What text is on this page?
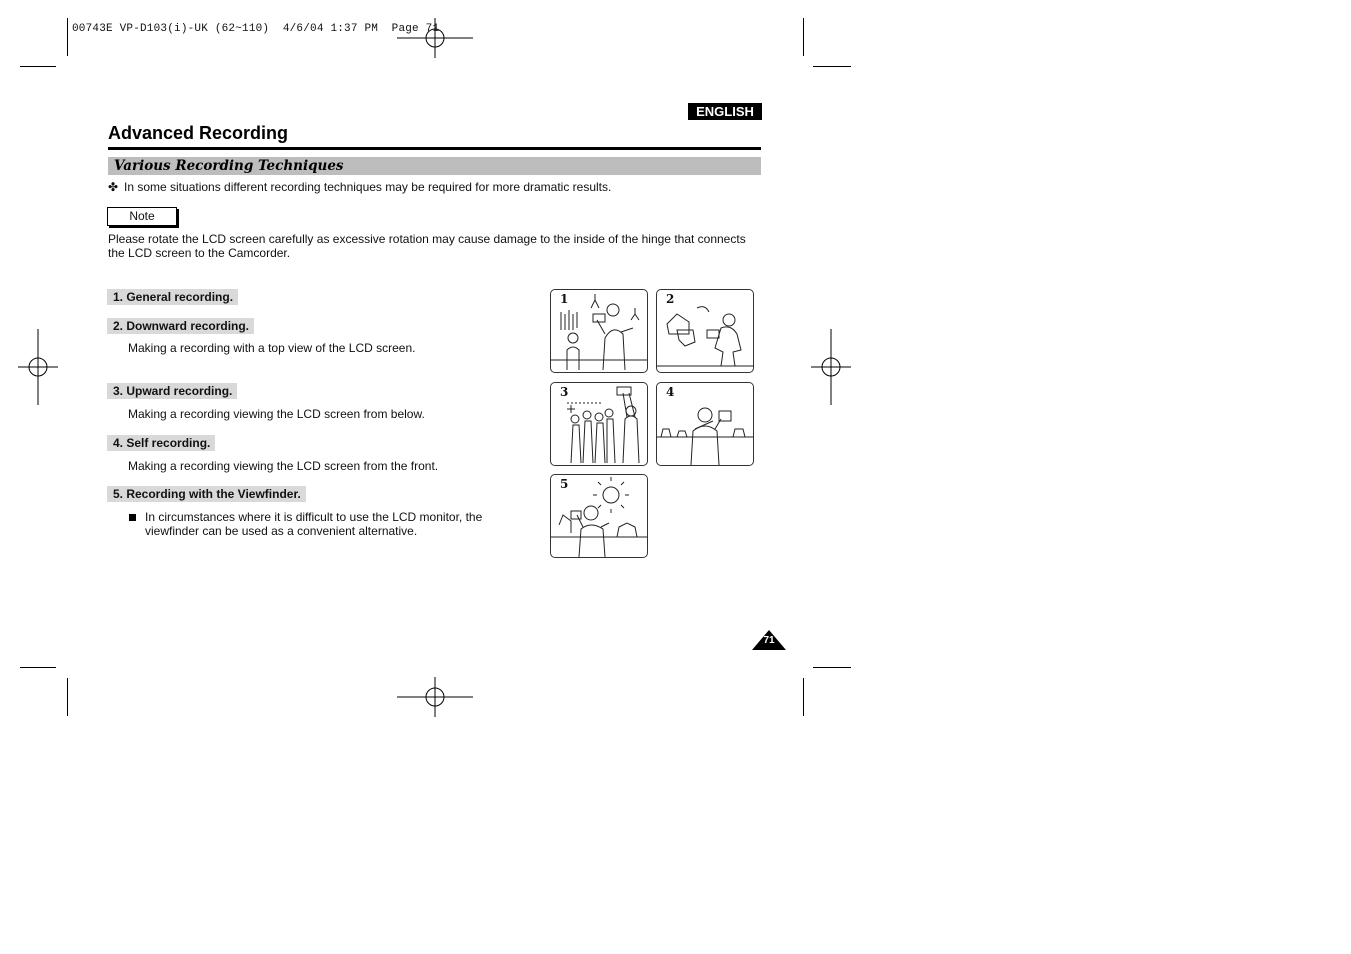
00743E VP-D103(i)-UK (62~110)  4/6/04 1:37 PM  Page 71
ENGLISH
Advanced Recording
Various Recording Techniques
✤ In some situations different recording techniques may be required for more dramatic results.
Note
Please rotate the LCD screen carefully as excessive rotation may cause damage to the inside of the hinge that connects the LCD screen to the Camcorder.
1. General recording.
2. Downward recording.
Making a recording with a top view of the LCD screen.
3. Upward recording.
Making a recording viewing the LCD screen from below.
4. Self recording.
Making a recording viewing the LCD screen from the front.
5. Recording with the Viewfinder.
In circumstances where it is difficult to use the LCD monitor, the viewfinder can be used as a convenient alternative.
1	2
3	4
5
71
